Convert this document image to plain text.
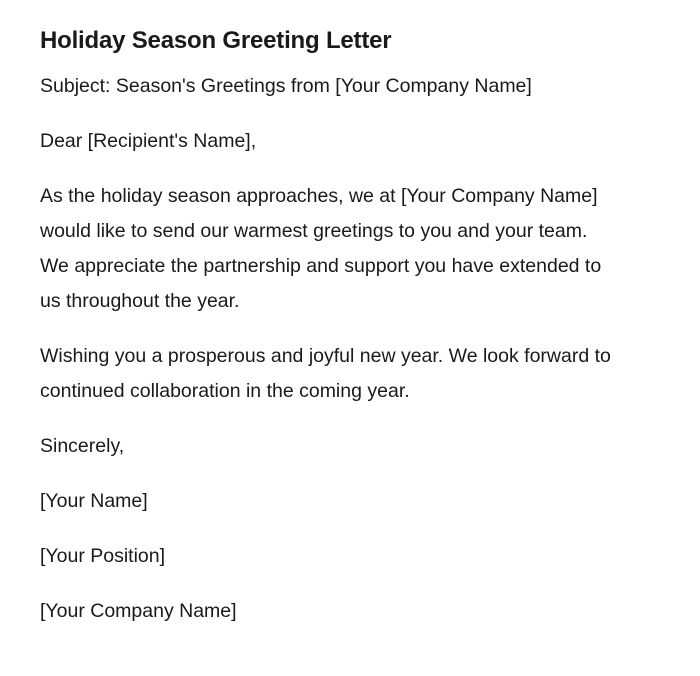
Holiday Season Greeting Letter
Subject: Season's Greetings from [Your Company Name]
Dear [Recipient's Name],
As the holiday season approaches, we at [Your Company Name] would like to send our warmest greetings to you and your team. We appreciate the partnership and support you have extended to us throughout the year.
Wishing you a prosperous and joyful new year. We look forward to continued collaboration in the coming year.
Sincerely,
[Your Name]
[Your Position]
[Your Company Name]
